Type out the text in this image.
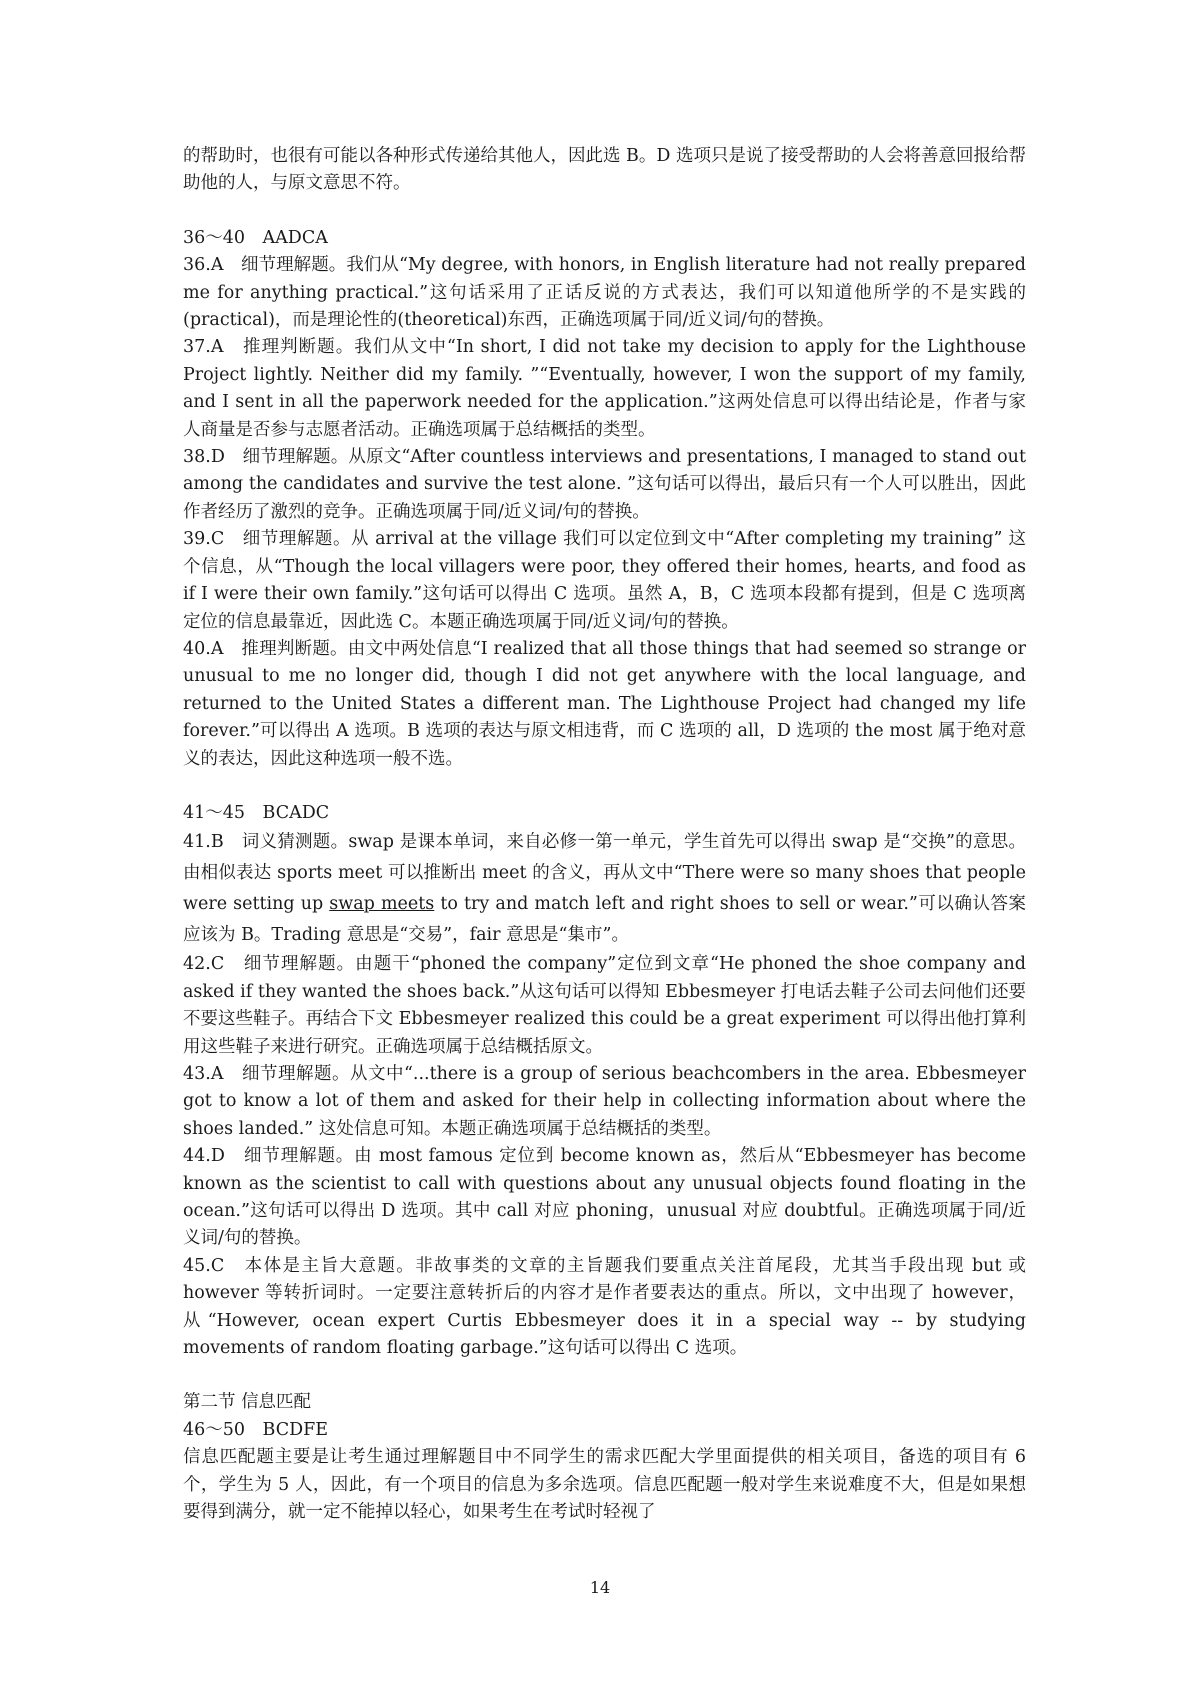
的帮助时，也很有可能以各种形式传递给其他人，因此选 B。D 选项只是说了接受帮助的人会将善意回报给帮助他的人，与原文意思不符。

36～40　AADCA

36.A　细节理解题。我们从“My degree, with honors, in English literature had not really prepared me for anything practical.”这句话采用了正话反说的方式表达，我们可以知道他所学的不是实践的(practical)，而是理论性的(theoretical)东西，正确选项属于同/近义词/句的替换。

37.A　推理判断题。我们从文中“In short, I did not take my decision to apply for the Lighthouse Project lightly. Neither did my family. ”“Eventually, however, I won the support of my family, and I sent in all the paperwork needed for the application.”这两处信息可以得出结论是，作者与家人商量是否参与志愿者活动。正确选项属于总结概括的类型。

38.D　细节理解题。从原文“After countless interviews and presentations, I managed to stand out among the candidates and survive the test alone. ”这句话可以得出，最后只有一个人可以胜出，因此作者经历了激烈的竞争。正确选项属于同/近义词/句的替换。

39.C　细节理解题。从 arrival at the village 我们可以定位到文中“After completing my training” 这个信息，从“Though the local villagers were poor, they offered their homes, hearts, and food as if I were their own family.”这句话可以得出 C 选项。虽然 A，B，C 选项本段都有提到，但是 C 选项离定位的信息最靠近，因此选 C。本题正确选项属于同/近义词/句的替换。

40.A　推理判断题。由文中两处信息“I realized that all those things that had seemed so strange or unusual to me no longer did, though I did not get anywhere with the local language, and returned to the United States a different man. The Lighthouse Project had changed my life forever.”可以得出 A 选项。B 选项的表达与原文相违背，而 C 选项的 all，D 选项的 the most 属于绝对意义的表达，因此这种选项一般不选。

41～45　BCADC

41.B　词义猜测题。swap 是课本单词，来自必修一第一单元，学生首先可以得出 swap 是“交换”的意思。由相似表达 sports meet 可以推断出 meet 的含义，再从文中“There were so many shoes that people were setting up swap meets to try and match left and right shoes to sell or wear.”可以确认答案应该为 B。Trading 意思是“交易”，fair 意思是“集市”。

42.C　细节理解题。由题干“phoned the company”定位到文章“He phoned the shoe company and asked if they wanted the shoes back.”从这句话可以得知 Ebbesmeyer 打电话去鞋子公司去问他们还要不要这些鞋子。再结合下文 Ebbesmeyer realized this could be a great experiment 可以得出他打算利用这些鞋子来进行研究。正确选项属于总结概括原文。

43.A　细节理解题。从文中“...there is a group of serious beachcombers in the area. Ebbesmeyer got to know a lot of them and asked for their help in collecting information about where the shoes landed.” 这处信息可知。本题正确选项属于总结概括的类型。

44.D　细节理解题。由 most famous 定位到 become known as，然后从“Ebbesmeyer has become known as the scientist to call with questions about any unusual objects found floating in the ocean.”这句话可以得出 D 选项。其中 call 对应 phoning，unusual 对应 doubtful。正确选项属于同/近义词/句的替换。

45.C　本体是主旨大意题。非故事类的文章的主旨题我们要重点关注首尾段，尤其当手段出现 but 或 however 等转折词时。一定要注意转折后的内容才是作者要表达的重点。所以，文中出现了 however，从“However, ocean expert Curtis Ebbesmeyer does it in a special way -- by studying movements of random floating garbage.”这句话可以得出 C 选项。

第二节 信息匹配

46～50　BCDFE

信息匹配题主要是让考生通过理解题目中不同学生的需求匹配大学里面提供的相关项目，备选的项目有 6 个，学生为 5 人，因此，有一个项目的信息为多余选项。信息匹配题一般对学生来说难度不大，但是如果想要得到满分，就一定不能掉以轻心，如果考生在考试时轻视了

14
